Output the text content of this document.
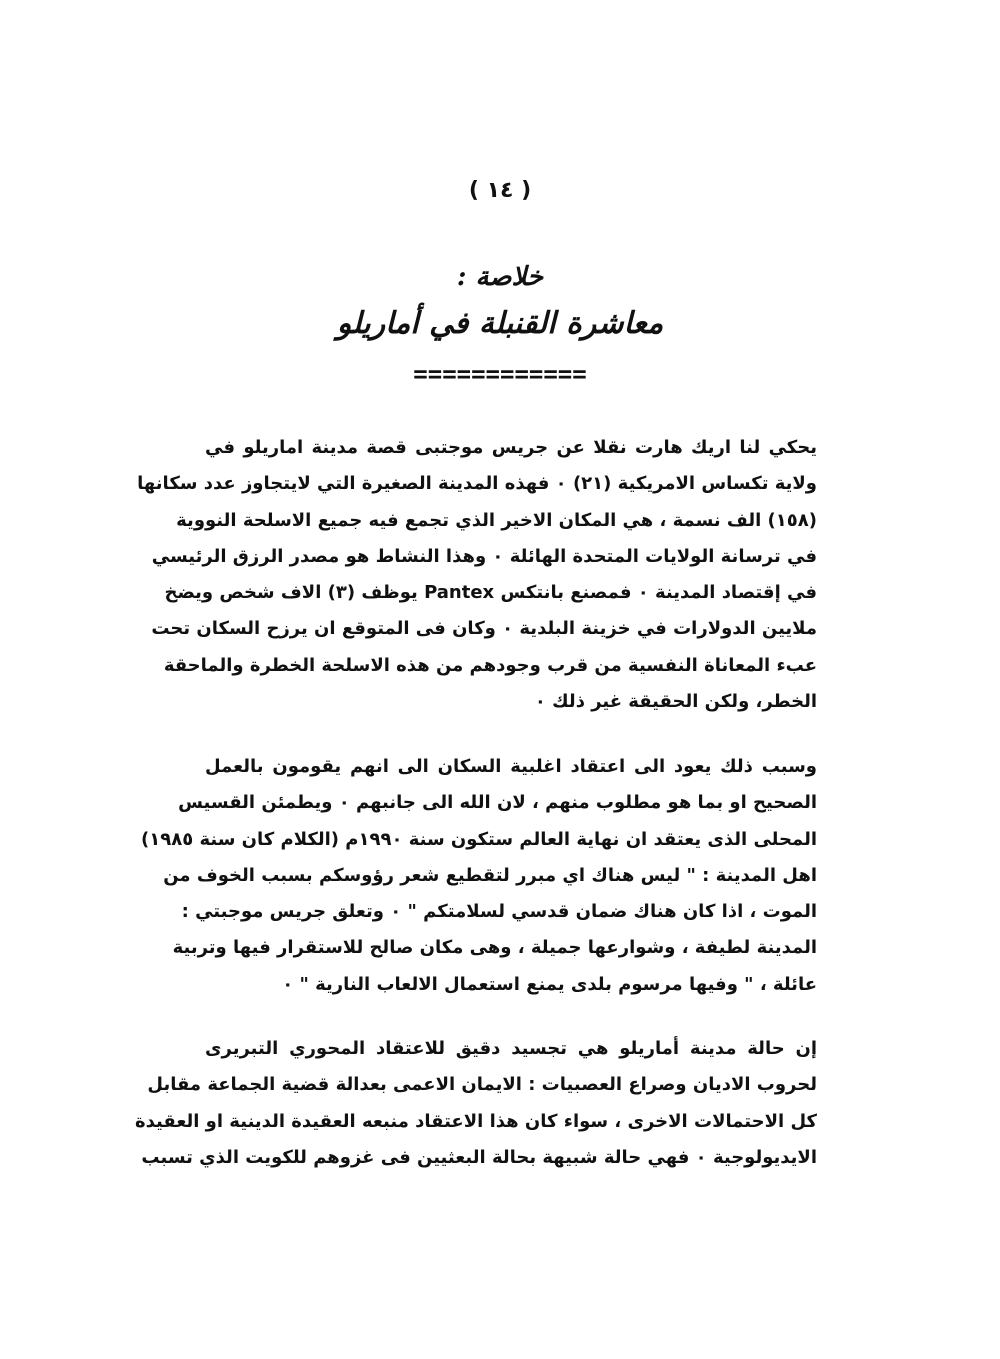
( ١٤ )
خلاصة :
معاشرة القنبلة في أماريلو
============
يحكي لنا اريك هارت نقلا عن جريس موجتبى قصة مدينة اماريلو في
ولاية تكساس الامريكية (٢١) ٠ فهذه المدينة الصغيرة التي لايتجاوز عدد سكانها
(١٥٨) الف نسمة ، هي المكان الاخير الذي تجمع فيه جميع الاسلحة النووية
في ترسانة الولايات المتحدة الهائلة ٠ وهذا النشاط هو مصدر الرزق الرئيسي
في إقتصاد المدينة ٠ فمصنع بانتكس Pantex يوظف (٣) الاف شخص ويضخ
ملايين الدولارات في خزينة البلدية ٠ وكان فى المتوقع ان يرزح السكان تحت
عبء المعاناة النفسية من قرب وجودهم من هذه الاسلحة الخطرة والماحقة
الخطر، ولكن الحقيقة غير ذلك ٠
وسبب ذلك يعود الى اعتقاد اغلبية السكان الى انهم يقومون بالعمل
الصحيح او بما هو مطلوب منهم ، لان الله الى جانبهم ٠ ويطمئن القسيس
المحلى الذى يعتقد ان نهاية العالم ستكون سنة ١٩٩٠م (الكلام كان سنة ١٩٨٥)
اهل المدينة : " ليس هناك اي مبرر لتقطيع شعر رؤوسكم بسبب الخوف من
الموت ، اذا كان هناك ضمان قدسي لسلامتكم " ٠ وتعلق جريس موجبتي :
المدينة لطيفة ، وشوارعها جميلة ، وهى مكان صالح للاستقرار فيها وتربية
عائلة ، " وفيها مرسوم بلدى يمنع استعمال الالعاب النارية " ٠
إن حالة مدينة أماريلو هي تجسيد دقيق للاعتقاد المحوري التبريرى
لحروب الاديان وصراع العصبيات : الايمان الاعمى بعدالة قضية الجماعة مقابل
كل الاحتمالات الاخرى ، سواء كان هذا الاعتقاد منبعه العقيدة الدينية او العقيدة
الايديولوجية ٠ فهي حالة شبيهة بحالة البعثيين فى غزوهم للكويت الذي تسبب
